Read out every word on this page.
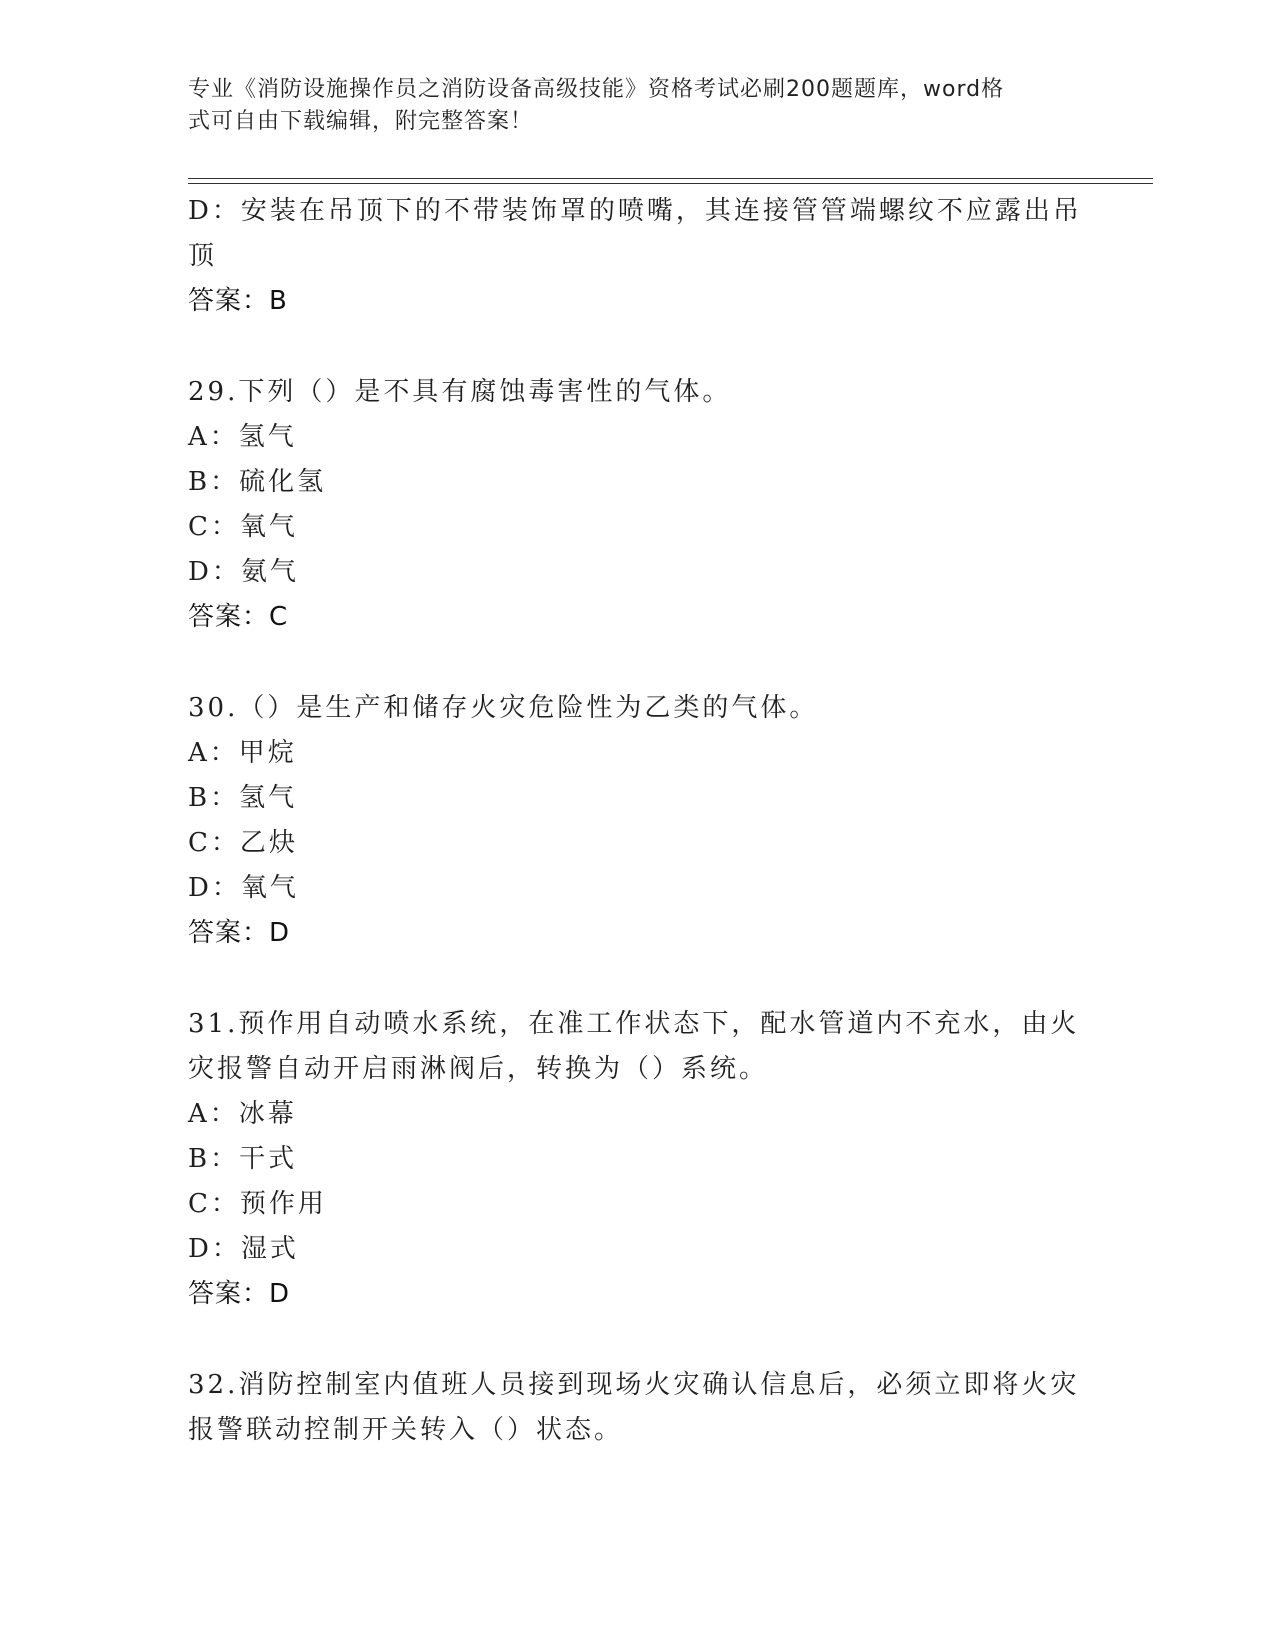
专业《消防设施操作员之消防设备高级技能》资格考试必刷200题题库，word格
式可自由下载编辑，附完整答案！
D：安装在吊顶下的不带装饰罩的喷嘴，其连接管管端螺纹不应露出吊
顶
答案：B
29.下列（）是不具有腐蚀毒害性的气体。
A：氢气
B：硫化氢
C：氧气
D：氨气
答案：C
30.（）是生产和储存火灾危险性为乙类的气体。
A：甲烷
B：氢气
C：乙炔
D：氧气
答案：D
31.预作用自动喷水系统，在准工作状态下，配水管道内不充水，由火
灾报警自动开启雨淋阀后，转换为（）系统。
A：冰幕
B：干式
C：预作用
D：湿式
答案：D
32.消防控制室内值班人员接到现场火灾确认信息后，必须立即将火灾
报警联动控制开关转入（）状态。
